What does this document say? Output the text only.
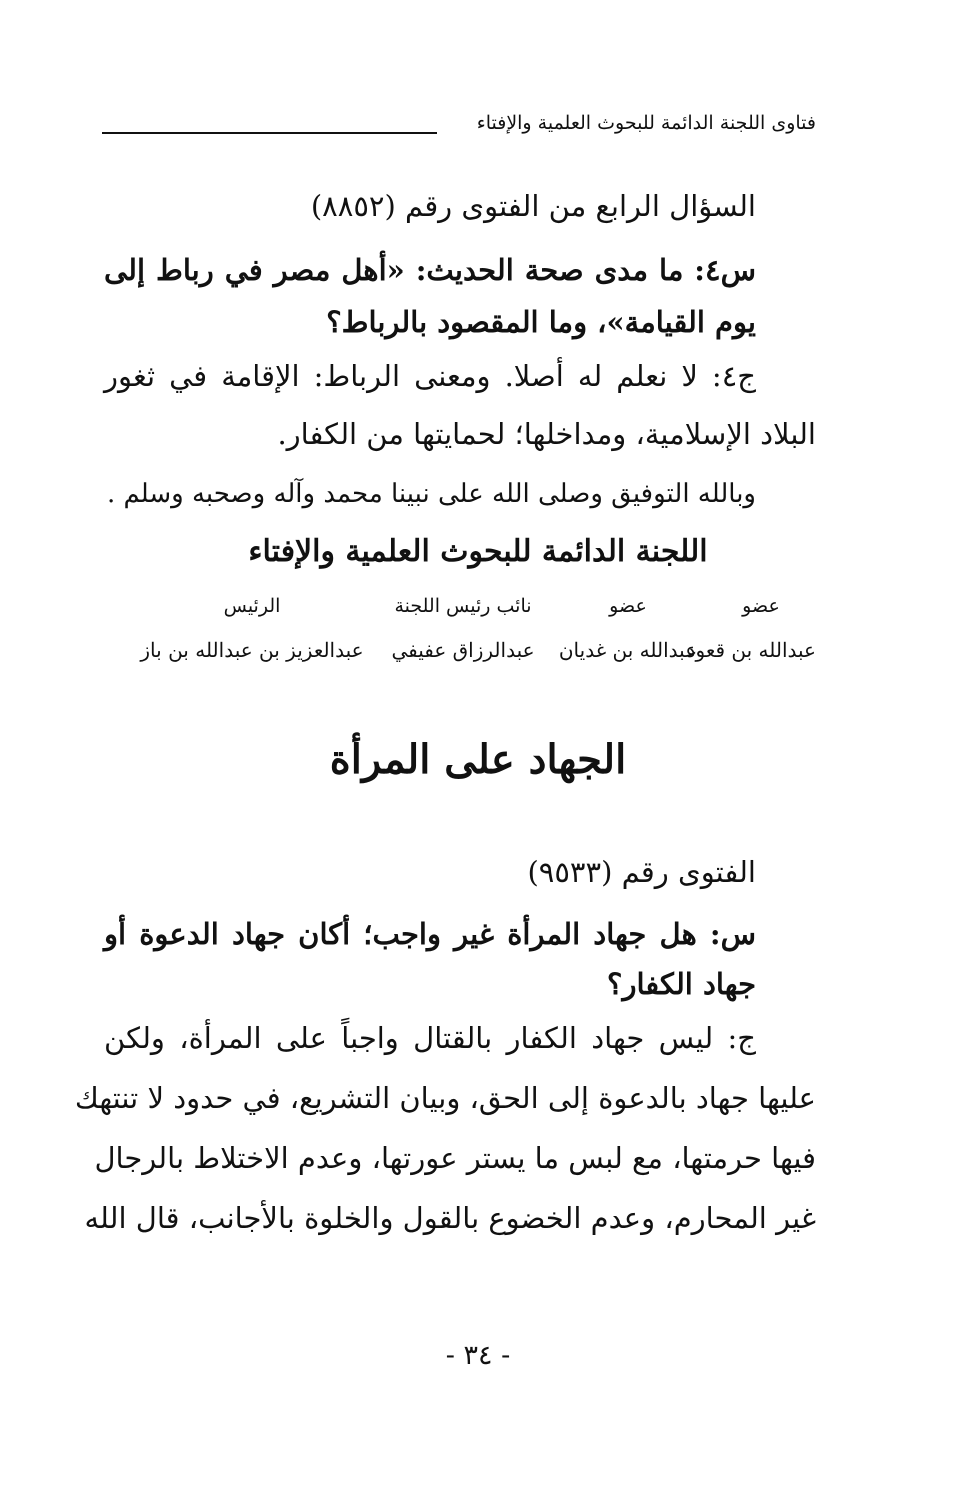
فتاوى اللجنة الدائمة للبحوث العلمية والإفتاء
السؤال الرابع من الفتوى رقم (٨٨٥٢)
س٤: ما مدى صحة الحديث: «أهل مصر في رباط إلى
يوم القيامة»، وما المقصود بالرباط؟
ج٤: لا نعلم له أصلا. ومعنى الرباط: الإقامة في ثغور
البلاد الإسلامية، ومداخلها؛ لحمايتها من الكفار.
وبالله التوفيق وصلى الله على نبينا محمد وآله وصحبه وسلم .
اللجنة الدائمة للبحوث العلمية والإفتاء
عضو
عبدالله بن قعود
عضو
عبدالله بن غديان
نائب رئيس اللجنة
عبدالرزاق عفيفي
الرئيس
عبدالعزيز بن عبدالله بن باز
الجهاد على المرأة
الفتوى رقم (٩٥٣٣)
س: هل جهاد المرأة غير واجب؛ أكان جهاد الدعوة أو
جهاد الكفار؟
ج: ليس جهاد الكفار بالقتال واجباً على المرأة، ولكن
عليها جهاد بالدعوة إلى الحق، وبيان التشريع، في حدود لا تنتهك
فيها حرمتها، مع لبس ما يستر عورتها، وعدم الاختلاط بالرجال
غير المحارم، وعدم الخضوع بالقول والخلوة بالأجانب، قال الله
- ٣٤ -
